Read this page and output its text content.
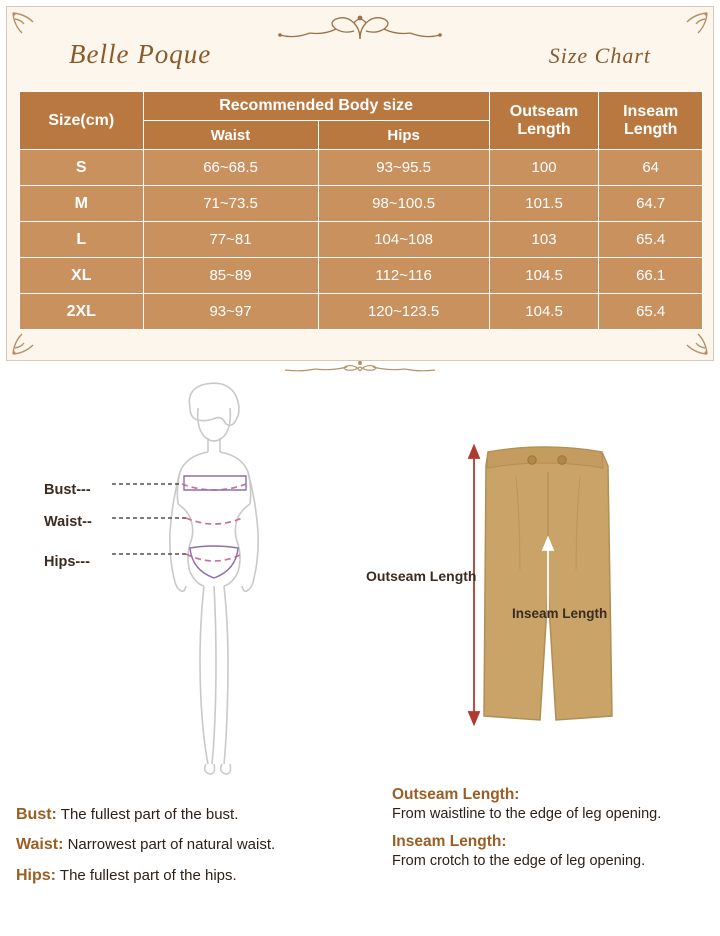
Belle Poque	Size Chart
Size(cm)	Recommended Body size		Outseam Length	Inseam Length
	Waist	Hips		
S	66~68.5	93~95.5	100	64
M	71~73.5	98~100.5	101.5	64.7
L	77~81	104~108	103	65.4
XL	85~89	112~116	104.5	66.1
2XL	93~97	120~123.5	104.5	65.4
Bust---
Waist--
Hips---
Outseam Length
Inseam Length
Bust: The fullest part of the bust.
Waist: Narrowest part of natural waist.
Hips: The fullest part of the hips.
Outseam Length:
From waistline to the edge of leg opening.
Inseam Length:
From crotch to the edge of leg opening.
